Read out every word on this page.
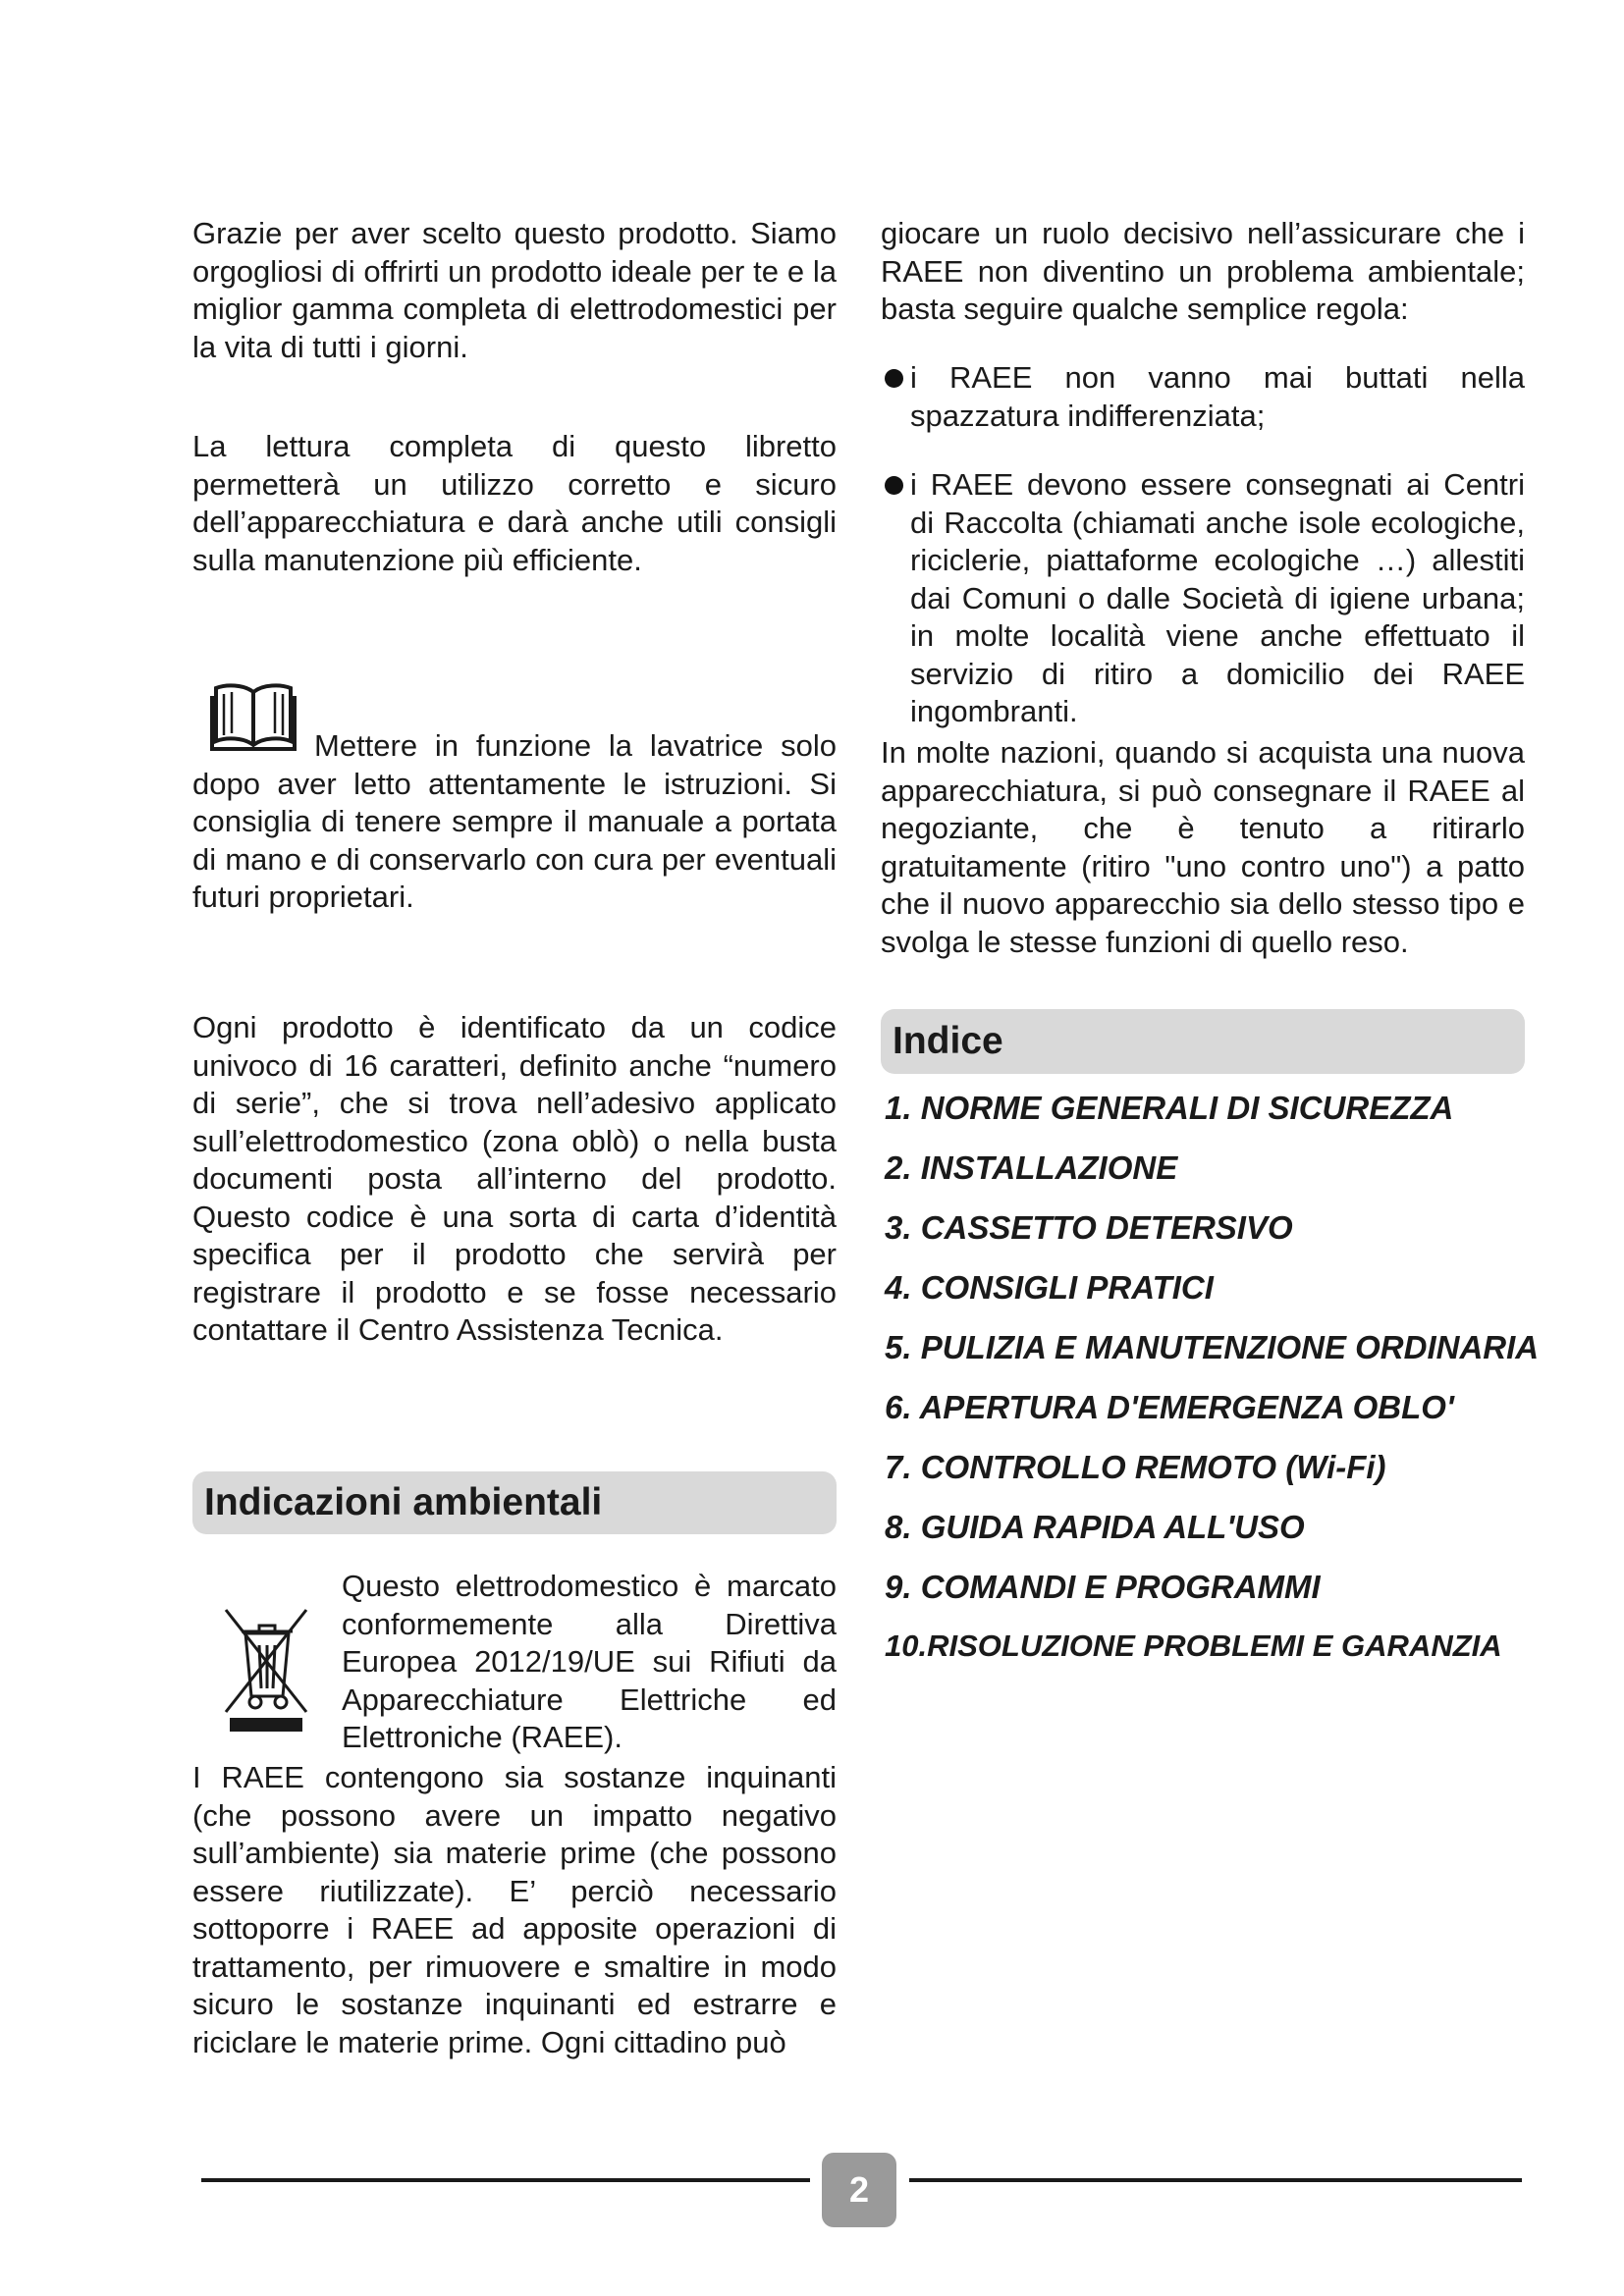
Grazie per aver scelto questo prodotto. Siamo orgogliosi di offrirti un prodotto ideale per te e la miglior gamma completa di elettrodomestici per la vita di tutti i giorni.
La lettura completa di questo libretto permetterà un utilizzo corretto e sicuro dell’apparecchiatura e darà anche utili consigli sulla manutenzione più efficiente.
Mettere in funzione la lavatrice solo dopo aver letto attentamente le istruzioni. Si consiglia di tenere sempre il manuale a portata di mano e di conservarlo con cura per eventuali futuri proprietari.
Ogni prodotto è identificato da un codice univoco di 16 caratteri, definito anche “numero di serie”, che si trova nell’adesivo applicato sull’elettrodomestico (zona oblò) o nella busta documenti posta all’interno del prodotto. Questo codice è una sorta di carta d’identità specifica per il prodotto che servirà per registrare il prodotto e se fosse necessario contattare il Centro Assistenza Tecnica.
Indicazioni ambientali
Questo elettrodomestico è marcato conformemente alla Direttiva Europea 2012/19/UE sui Rifiuti da Apparecchiature Elettriche ed Elettroniche (RAEE).
I RAEE contengono sia sostanze inquinanti (che possono avere un impatto negativo sull’ambiente) sia materie prime (che possono essere riutilizzate). E’ perciò necessario sottoporre i RAEE ad apposite operazioni di trattamento, per rimuovere e smaltire in modo sicuro le sostanze inquinanti ed estrarre e riciclare le materie prime. Ogni cittadino può
giocare un ruolo decisivo nell’assicurare che i RAEE non diventino un problema ambientale; basta seguire qualche semplice regola:
i RAEE non vanno mai buttati nella spazzatura indifferenziata;
i RAEE devono essere consegnati ai Centri di Raccolta (chiamati anche isole ecologiche, riciclerie, piattaforme ecologiche …) allestiti dai Comuni o dalle Società di igiene urbana; in molte località viene anche effettuato il servizio di ritiro a domicilio dei RAEE ingombranti.
In molte nazioni, quando si acquista una nuova apparecchiatura, si può consegnare il RAEE al negoziante, che è tenuto a ritirarlo gratuitamente (ritiro "uno contro uno") a patto che il nuovo apparecchio sia dello stesso tipo e svolga le stesse funzioni di quello reso.
Indice
1. NORME GENERALI DI SICUREZZA
2. INSTALLAZIONE
3. CASSETTO DETERSIVO
4. CONSIGLI PRATICI
5. PULIZIA E MANUTENZIONE ORDINARIA
6. APERTURA D'EMERGENZA OBLO'
7. CONTROLLO REMOTO (Wi-Fi)
8. GUIDA RAPIDA ALL'USO
9. COMANDI E PROGRAMMI
10.RISOLUZIONE PROBLEMI E GARANZIA
2
